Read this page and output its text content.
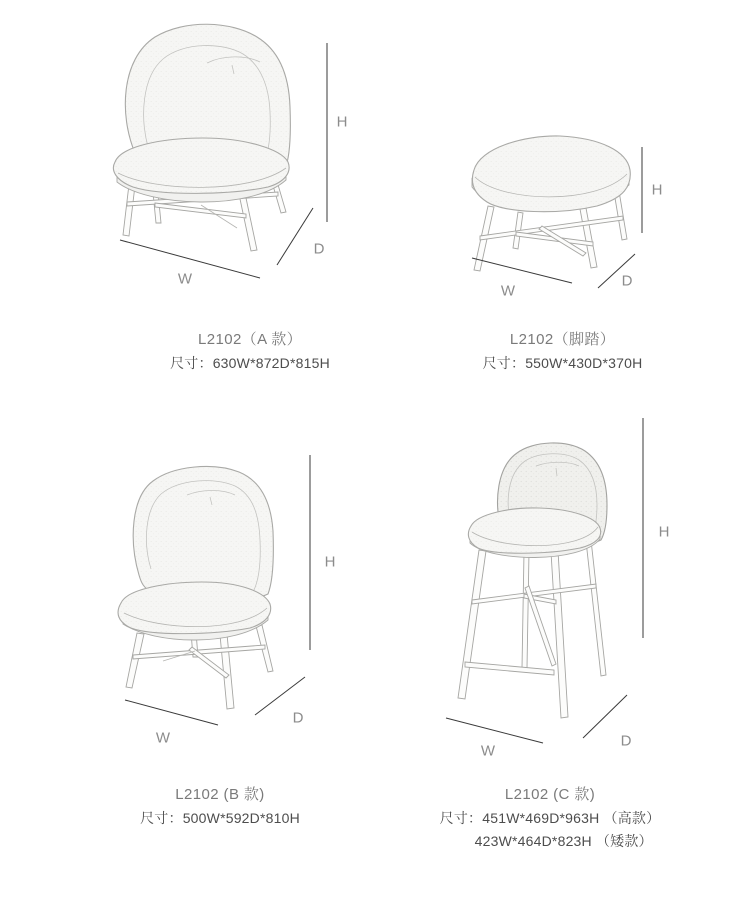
H
D
W
L2102（A 款）
尺寸：630W*872D*815H
H
D
W
L2102（脚踏）
尺寸：550W*430D*370H
H
D
W
L2102 (B 款)
尺寸：500W*592D*810H
H
D
W
L2102 (C 款)
尺寸：451W*469D*963H （高款）
423W*464D*823H （矮款）
